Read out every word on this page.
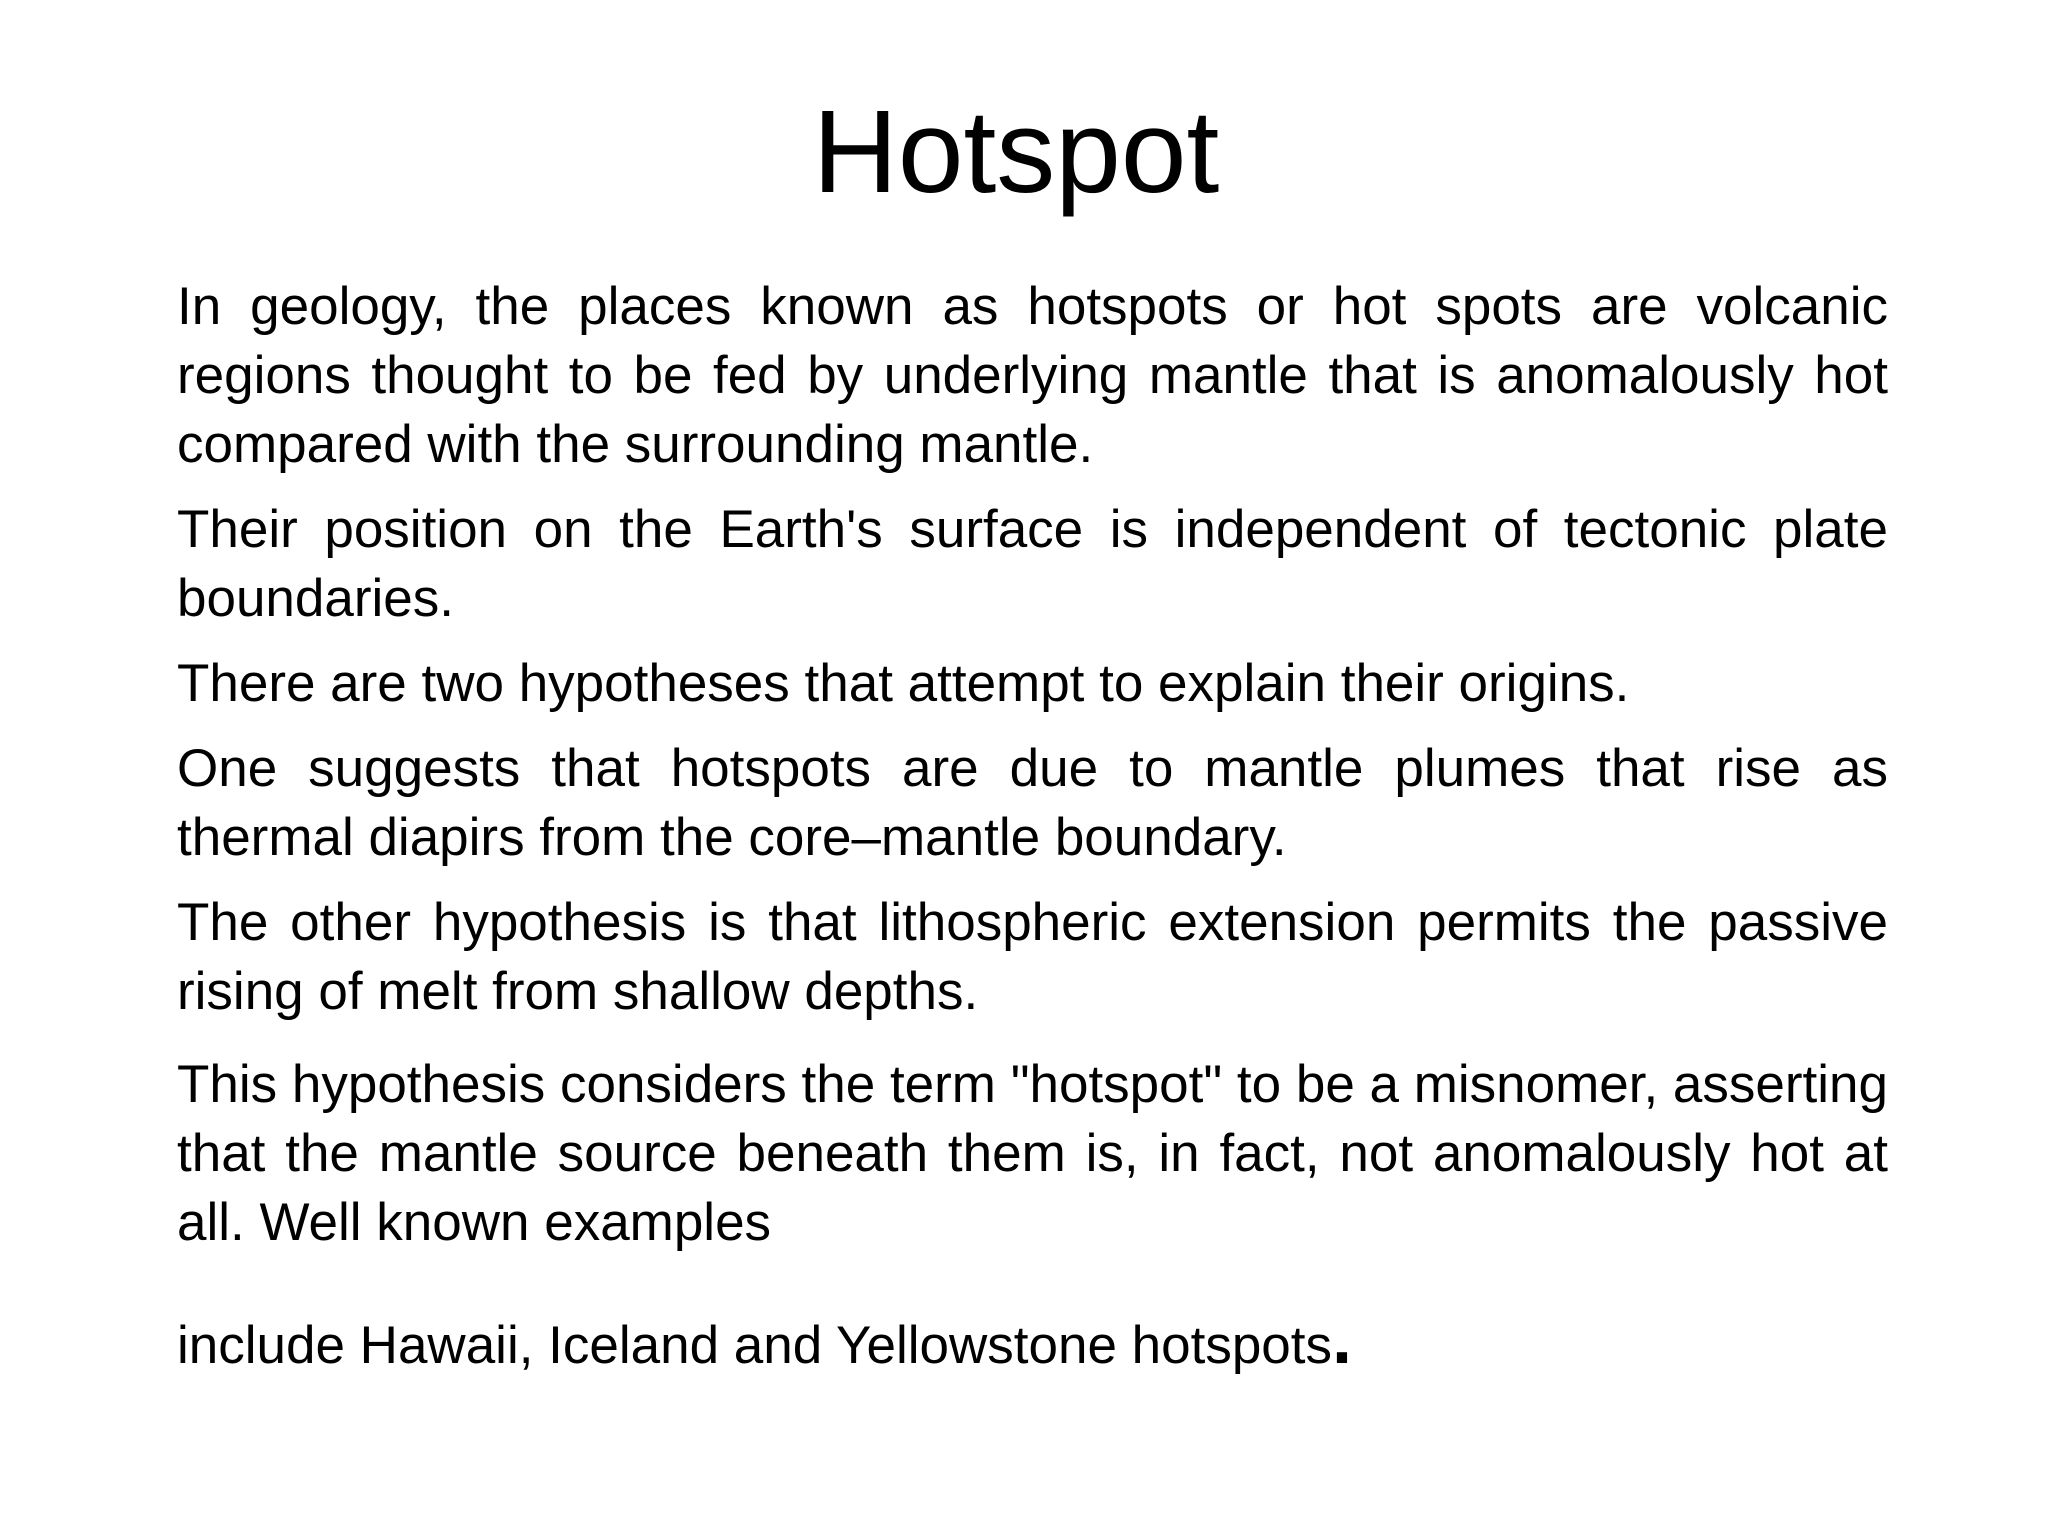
Hotspot

In geology, the places known as hotspots or hot spots are volcanic regions thought to be fed by underlying mantle that is anomalously hot compared with the surrounding mantle.

Their position on the Earth's surface is independent of tectonic plate boundaries.

There are two hypotheses that attempt to explain their origins.

One suggests that hotspots are due to mantle plumes that rise as thermal diapirs from the core–mantle boundary.

The other hypothesis is that lithospheric extension permits the passive rising of melt from shallow depths.

This hypothesis considers the term "hotspot" to be a misnomer, asserting that the mantle source beneath them is, in fact, not anomalously hot at all. Well known examples
include Hawaii, Iceland and Yellowstone hotspots.
